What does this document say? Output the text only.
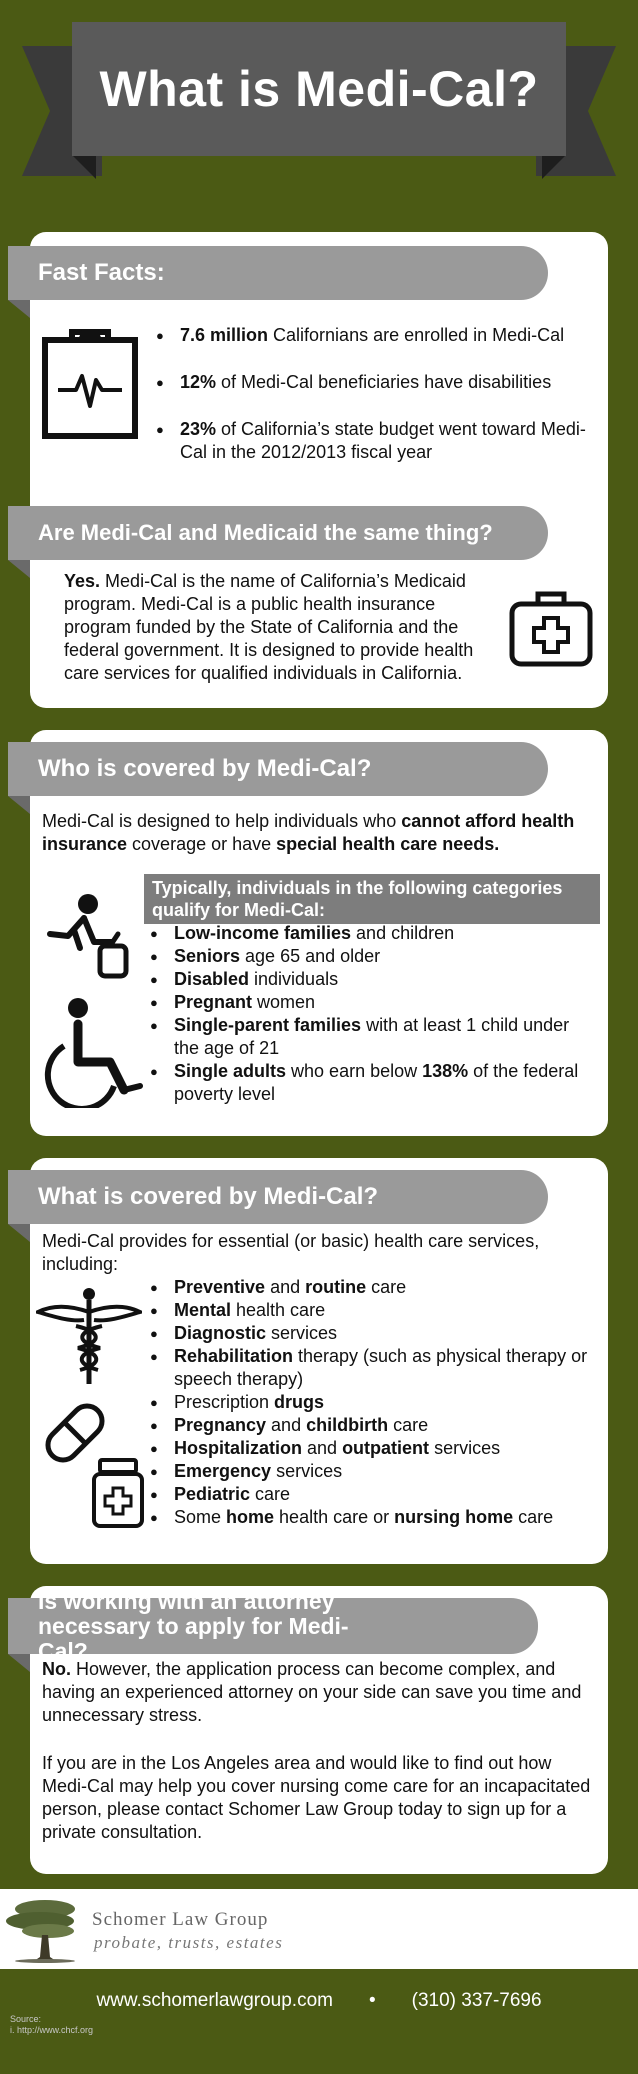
What is Medi-Cal?
Fast Facts:
● 7.6 million Californians are enrolled in Medi-Cal
● 12% of Medi-Cal beneficiaries have disabilities
● 23% of California’s state budget went toward Medi-Cal in the 2012/2013 fiscal year
Are Medi-Cal and Medicaid the same thing?

Yes. Medi-Cal is the name of California’s Medicaid program. Medi-Cal is a public health insurance program funded by the State of California and the federal government. It is designed to provide health care services for qualified individuals in California.

Who is covered by Medi-Cal?

Medi-Cal is designed to help individuals who cannot afford health insurance coverage or have special health care needs.

Typically, individuals in the following categories qualify for Medi-Cal:
● Low-income families and children
● Seniors age 65 and older
● Disabled individuals
● Pregnant women
● Single-parent families with at least 1 child under the age of 21
● Single adults who earn below 138% of the federal poverty level
What is covered by Medi-Cal?

Medi-Cal provides for essential (or basic) health care services, including:

● Preventive and routine care
● Mental health care
● Diagnostic services
● Rehabilitation therapy (such as physical therapy or speech therapy)
● Prescription drugs
● Pregnancy and childbirth care
● Hospitalization and outpatient services
● Emergency services
● Pediatric care
● Some home health care or nursing home care
Is working with an attorney necessary to apply for Medi-Cal?

No. However, the application process can become complex, and having an experienced attorney on your side can save you time and unnecessary stress.

If you are in the Los Angeles area and would like to find out how Medi-Cal may help you cover nursing come care for an incapacitated person, please contact Schomer Law Group today to sign up for a private consultation.

Schomer Law Group
probate, trusts, estates
www.schomerlawgroup.com • (310) 337-7696
Source:
i. http://www.chcf.org
